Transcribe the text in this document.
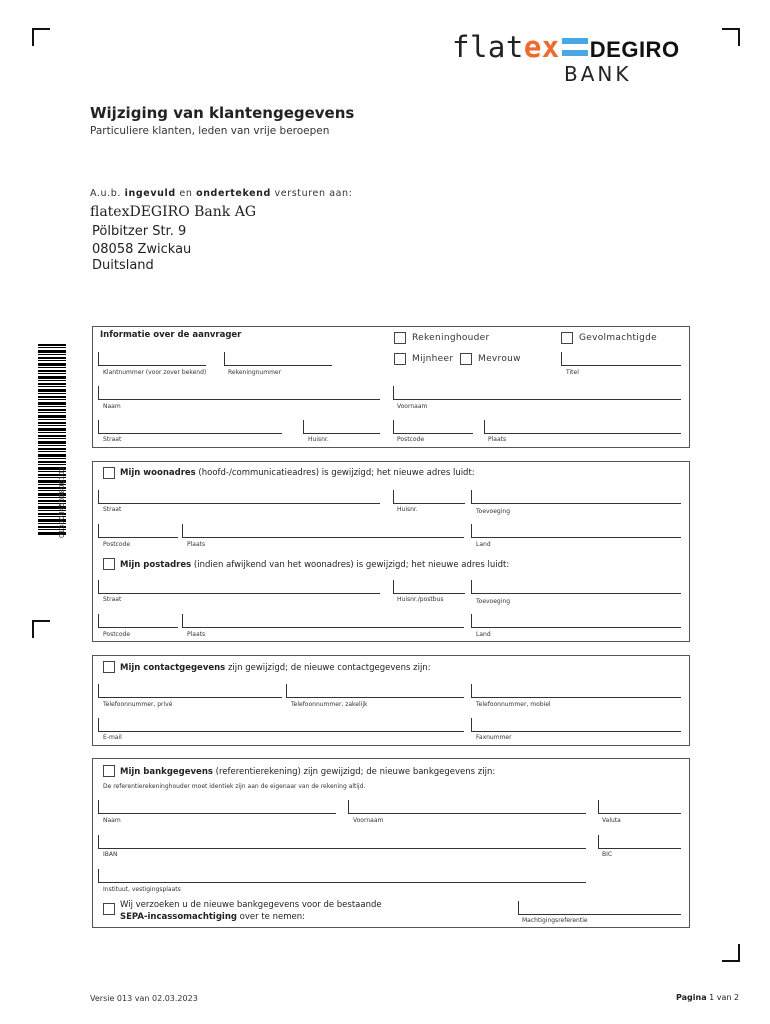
flatex DEGIRO
BANK
Wijziging van klantengegevens
Particuliere klanten, leden van vrije beroepen
A.u.b. ingevuld en ondertekend versturen aan:
flatexDEGIRO Bank AG
Pölbitzer Str. 9
08058 Zwickau
Duitsland
0130084500800102
Informatie over de aanvrager	Rekeninghouder	Gevolmachtigde
Mijnheer	Mevrouw
Klantnummer (voor zover bekend)	Rekeningnummer	Titel
Naam	Voornaam
Straat	Huisnr.	Postcode	Plaats
Mijn woonadres (hoofd-/communicatieadres) is gewijzigd; het nieuwe adres luidt:
Straat	Huisnr.	Toevoeging
Postcode	Plaats	Land
Mijn postadres (indien afwijkend van het woonadres) is gewijzigd; het nieuwe adres luidt:
Straat	Huisnr./postbus	Toevoeging
Postcode	Plaats	Land
Mijn contactgegevens zijn gewijzigd; de nieuwe contactgegevens zijn:
Telefoonnummer, privé	Telefoonnummer, zakelijk	Telefoonnummer, mobiel
E-mail	Faxnummer
Mijn bankgegevens (referentierekening) zijn gewijzigd; de nieuwe bankgegevens zijn:
De referentierekeninghouder moet identiek zijn aan de eigenaar van de rekening altijd.
Naam	Voornaam	Valuta
IBAN	BIC
Instituut, vestigingsplaats
Wij verzoeken u de nieuwe bankgegevens voor de bestaande
SEPA-incassomachtiging over te nemen:	Machtigingsreferentie
Versie 013 van 02.03.2023	Pagina 1 van 2
